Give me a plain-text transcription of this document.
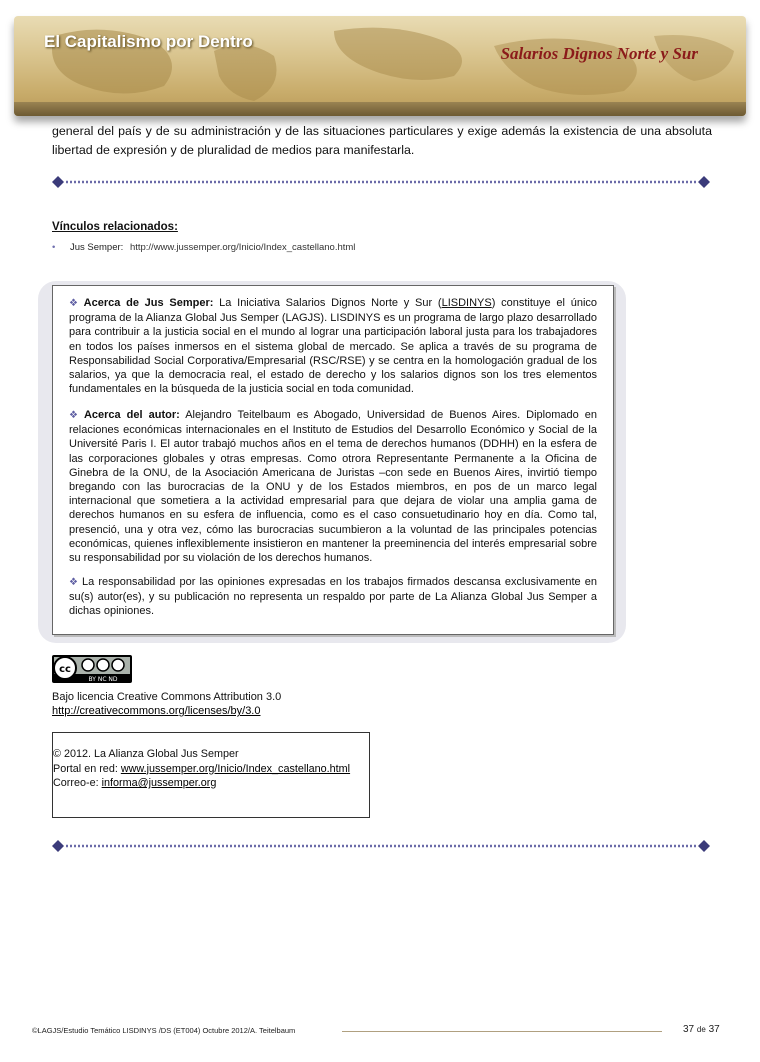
El Capitalismo por Dentro
Salarios Dignos Norte y Sur

general del país y de su administración y de las situaciones particulares y exige además la existencia de una absoluta libertad de expresión y de pluralidad de medios para manifestarla.

Vínculos relacionados:
• Jus Semper: http://www.jussemper.org/Inicio/Index_castellano.html
❖ Acerca de Jus Semper: La Iniciativa Salarios Dignos Norte y Sur (LISDINYS) constituye el único programa de la Alianza Global Jus Semper (LAGJS). LISDINYS es un programa de largo plazo desarrollado para contribuir a la justicia social en el mundo al lograr una participación laboral justa para los trabajadores en todos los países inmersos en el sistema global de mercado. Se aplica a través de su programa de Responsabilidad Social Corporativa/Empresarial (RSC/RSE) y se centra en la homologación gradual de los salarios, ya que la democracia real, el estado de derecho y los salarios dignos son los tres elementos fundamentales en la búsqueda de la justicia social en toda comunidad.
❖ Acerca del autor: Alejandro Teitelbaum es Abogado, Universidad de Buenos Aires. Diplomado en relaciones económicas internacionales en el Instituto de Estudios del Desarrollo Económico y Social de la Université Paris I. El autor trabajó muchos años en el tema de derechos humanos (DDHH) en la esfera de las corporaciones globales y otras empresas. Como otrora Representante Permanente a la Oficina de Ginebra de la ONU, de la Asociación Americana de Juristas –con sede en Buenos Aires, invirtió tiempo bregando con las burocracias de la ONU y de los Estados miembros, en pos de un marco legal internacional que sometiera a la actividad empresarial para que dejara de violar una amplia gama de derechos humanos en su esfera de influencia, como es el caso consuetudinario hoy en día. Como tal, presenció, una y otra vez, cómo las burocracias sucumbieron a la voluntad de las principales potencias económicas, quienes inflexiblemente insistieron en mantener la preeminencia del interés empresarial sobre su responsabilidad por su violación de los derechos humanos.
❖ La responsabilidad por las opiniones expresadas en los trabajos firmados descansa exclusivamente en su(s) autor(es), y su publicación no representa un respaldo por parte de La Alianza Global Jus Semper a dichas opiniones.
cc
BY NC ND
Bajo licencia Creative Commons Attribution 3.0
http://creativecommons.org/licenses/by/3.0
© 2012. La Alianza Global Jus Semper
Portal en red: www.jussemper.org/Inicio/Index_castellano.html
Correo-e: informa@jussemper.org
©LAGJS/Estudio Temático LISDINYS /DS (ET004) Octubre 2012/A. Teitelbaum	37 de 37
